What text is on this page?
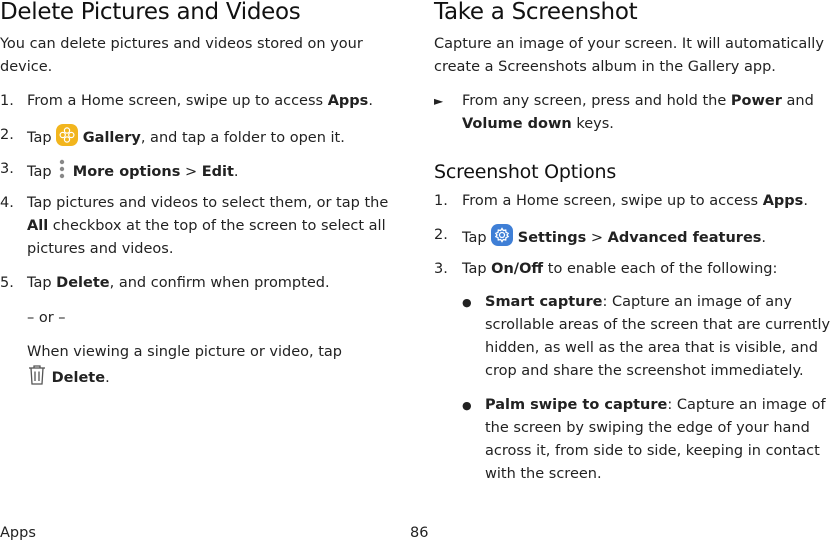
Delete Pictures and Videos

You can delete pictures and videos stored on your device.

1. From a Home screen, swipe up to access Apps.
2. Tap  Gallery, and tap a folder to open it.
3. Tap  More options > Edit.
4. Tap pictures and videos to select them, or tap the All checkbox at the top of the screen to select all pictures and videos.
5. Tap Delete, and confirm when prompted.
– or –
When viewing a single picture or video, tap
Delete.
Take a Screenshot

Capture an image of your screen. It will automatically create a Screenshots album in the Gallery app.

► From any screen, press and hold the Power and Volume down keys.
Screenshot Options
1. From a Home screen, swipe up to access Apps.
2. Tap  Settings > Advanced features.
3. Tap On/Off to enable each of the following:
● Smart capture: Capture an image of any scrollable areas of the screen that are currently hidden, as well as the area that is visible, and crop and share the screenshot immediately.
● Palm swipe to capture: Capture an image of the screen by swiping the edge of your hand across it, from side to side, keeping in contact with the screen.
Apps	86
